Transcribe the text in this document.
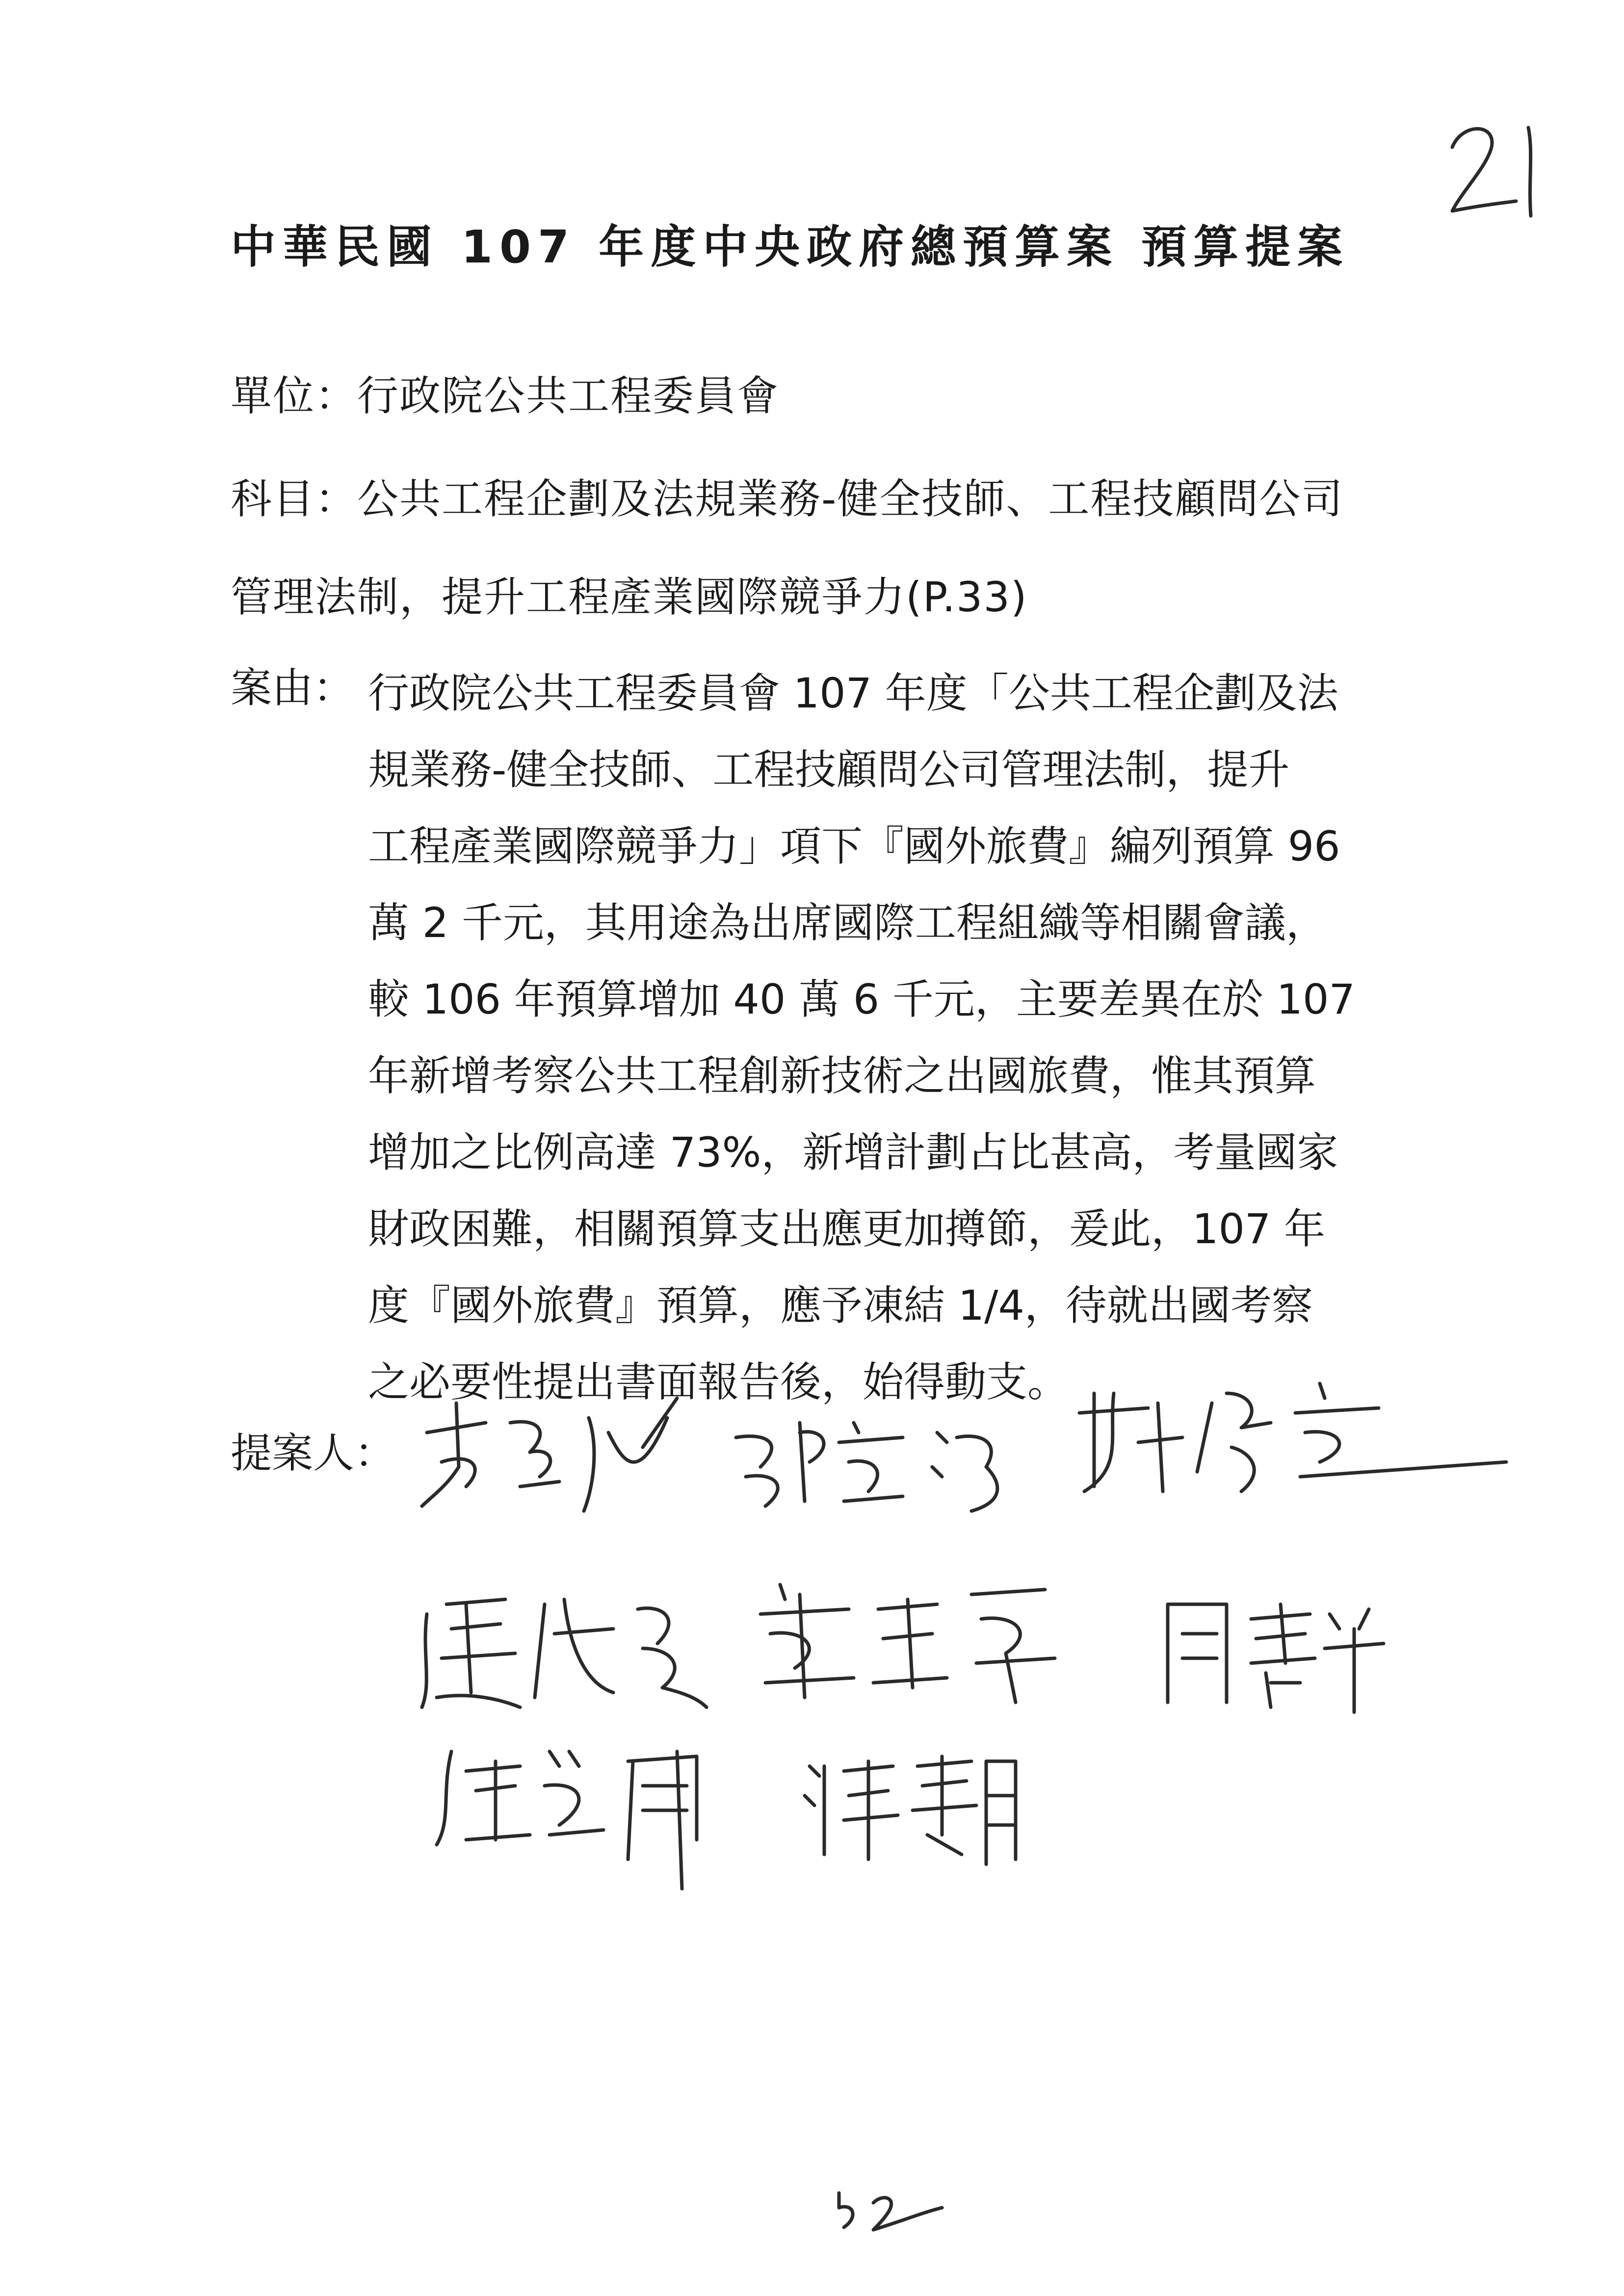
中華民國 107 年度中央政府總預算案 預算提案
單位：行政院公共工程委員會
科目：公共工程企劃及法規業務-健全技師、工程技顧問公司
管理法制，提升工程產業國際競爭力(P.33)
案由： 行政院公共工程委員會 107 年度「公共工程企劃及法
規業務-健全技師、工程技顧問公司管理法制，提升
工程產業國際競爭力」項下『國外旅費』編列預算 96
萬 2 千元，其用途為出席國際工程組織等相關會議，
較 106 年預算增加 40 萬 6 千元，主要差異在於 107
年新增考察公共工程創新技術之出國旅費，惟其預算
增加之比例高達 73%，新增計劃占比甚高，考量國家
財政困難，相關預算支出應更加撙節，爰此，107 年
度『國外旅費』預算，應予凍結 1/4，待就出國考察
之必要性提出書面報告後，始得動支。
提案人：
